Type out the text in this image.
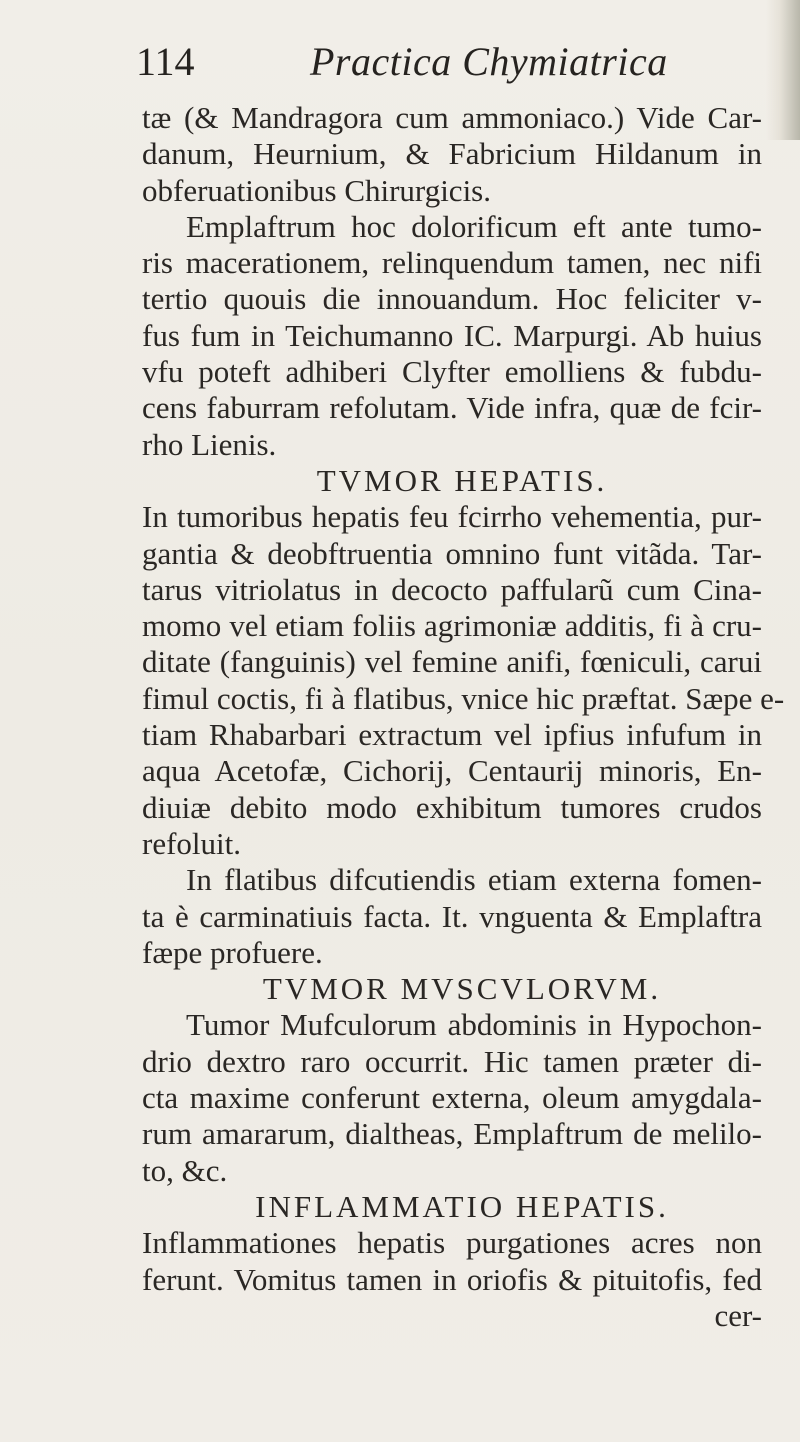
114	Practica Chymiatrica
tæ (& Mandragora cum ammoniaco.) Vide Car-
danum, Heurnium, & Fabricium Hildanum in
obferuationibus Chirurgicis.
Emplaftrum hoc dolorificum eft ante tumo-
ris macerationem, relinquendum tamen, nec nifi
tertio quouis die innouandum. Hoc feliciter v-
fus fum in Teichumanno IC. Marpurgi. Ab huius
vfu poteft adhiberi Clyfter emolliens & fubdu-
cens faburram refolutam. Vide infra, quæ de fcir-
rho Lienis.
TVMOR HEPATIS.
In tumoribus hepatis feu fcirrho vehementia, pur-
gantia & deobftruentia omnino funt vitãda. Tar-
tarus vitriolatus in decocto paffularũ cum Cina-
momo vel etiam foliis agrimoniæ additis, fi à cru-
ditate (fanguinis) vel femine anifi, fœniculi, carui
fimul coctis, fi à flatibus, vnice hic præftat. Sæpe e-
tiam Rhabarbari extractum vel ipfius infufum in
aqua Acetofæ, Cichorij, Centaurij minoris, En-
diuiæ debito modo exhibitum tumores crudos
refoluit.
In flatibus difcutiendis etiam externa fomen-
ta è carminatiuis facta. It. vnguenta & Emplaftra
fæpe profuere.
TVMOR MVSCVLORVM.
Tumor Mufculorum abdominis in Hypochon-
drio dextro raro occurrit. Hic tamen præter di-
cta maxime conferunt externa, oleum amygdala-
rum amararum, dialtheas, Emplaftrum de melilo-
to, &c.
INFLAMMATIO HEPATIS.
Inflammationes hepatis purgationes acres non
ferunt. Vomitus tamen in oriofis & pituitofis, fed
cer-
